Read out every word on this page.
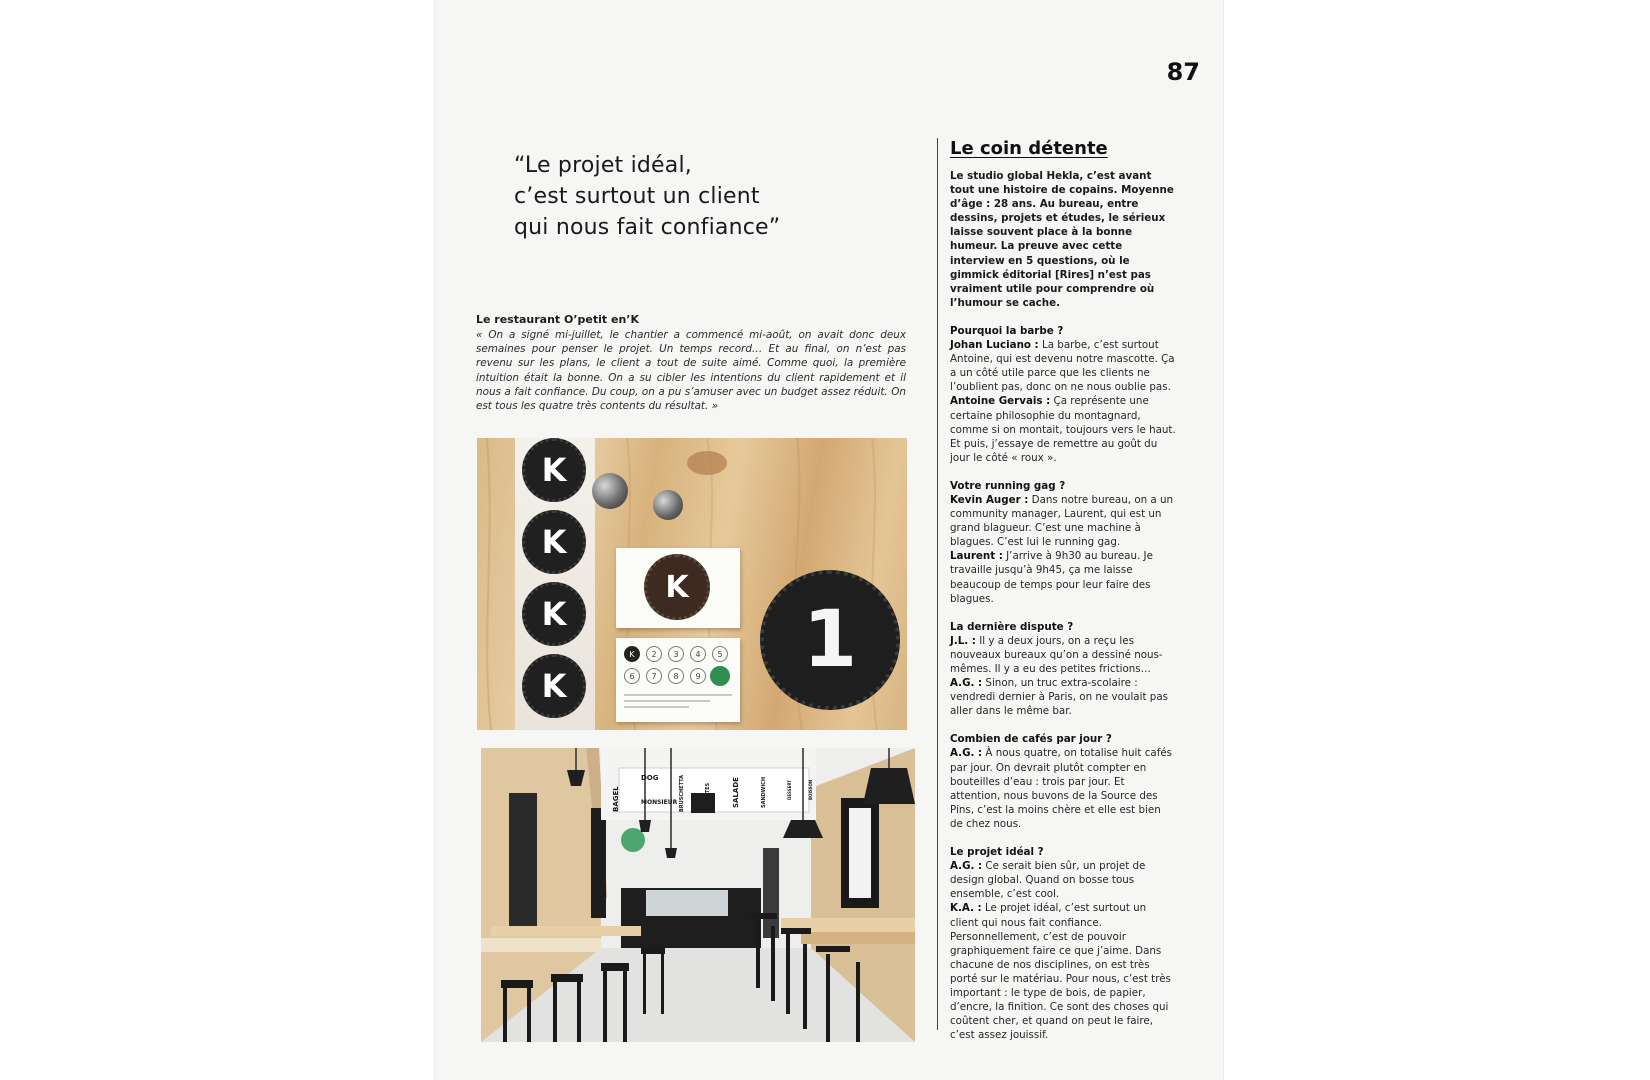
87
“Le projet idéal,
c’est surtout un client
qui nous fait confiance”

Le restaurant O’petit en’K

« On a signé mi-juillet, le chantier a commencé mi-août, on avait donc deux semaines pour penser le projet. Un temps record… Et au final, on n’est pas revenu sur les plans, le client a tout de suite aimé. Comme quoi, la première intuition était la bonne. On a su cibler les intentions du client rapidement et il nous a fait confiance. Du coup, on a pu s’amuser avec un budget assez réduit. On est tous les quatre très contents du résultat. »

K
K
K
K
K
K	2	3	4	5
6	7	8	9	1
BAGEL
DOG
MONSIEUR BRUSCHETTA	PATES	SALADE	SANDWICH	DESSERT	BOISSON
Le coin détente

Le studio global Hekla, c’est avant tout une histoire de copains. Moyenne d’âge : 28 ans. Au bureau, entre dessins, projets et études, le sérieux laisse souvent place à la bonne humeur. La preuve avec cette interview en 5 questions, où le gimmick éditorial [Rires] n’est pas vraiment utile pour comprendre où l’humour se cache.

Pourquoi la barbe ?
Johan Luciano : La barbe, c’est surtout Antoine, qui est devenu notre mascotte. Ça a un côté utile parce que les clients ne l’oublient pas, donc on ne nous oublie pas.
Antoine Gervais : Ça représente une certaine philosophie du montagnard, comme si on montait, toujours vers le haut. Et puis, j’essaye de remettre au goût du jour le côté « roux ».
Votre running gag ?
Kevin Auger : Dans notre bureau, on a un community manager, Laurent, qui est un grand blagueur. C’est une machine à blagues. C’est lui le running gag.
Laurent : J’arrive à 9h30 au bureau. Je travaille jusqu’à 9h45, ça me laisse beaucoup de temps pour leur faire des blagues.
La dernière dispute ?
J.L. : Il y a deux jours, on a reçu les nouveaux bureaux qu’on a dessiné nous-mêmes. Il y a eu des petites frictions…
A.G. : Sinon, un truc extra-scolaire : vendredi dernier à Paris, on ne voulait pas aller dans le même bar.
Combien de cafés par jour ?
A.G. : À nous quatre, on totalise huit cafés par jour. On devrait plutôt compter en bouteilles d’eau : trois par jour. Et attention, nous buvons de la Source des Pins, c’est la moins chère et elle est bien de chez nous.
Le projet idéal ?
A.G. : Ce serait bien sûr, un projet de design global. Quand on bosse tous ensemble, c’est cool.
K.A. : Le projet idéal, c’est surtout un client qui nous fait confiance. Personnellement, c’est de pouvoir graphiquement faire ce que j’aime. Dans chacune de nos disciplines, on est très porté sur le matériau. Pour nous, c’est très important : le type de bois, de papier, d’encre, la finition. Ce sont des choses qui coûtent cher, et quand on peut le faire, c’est assez jouissif.
